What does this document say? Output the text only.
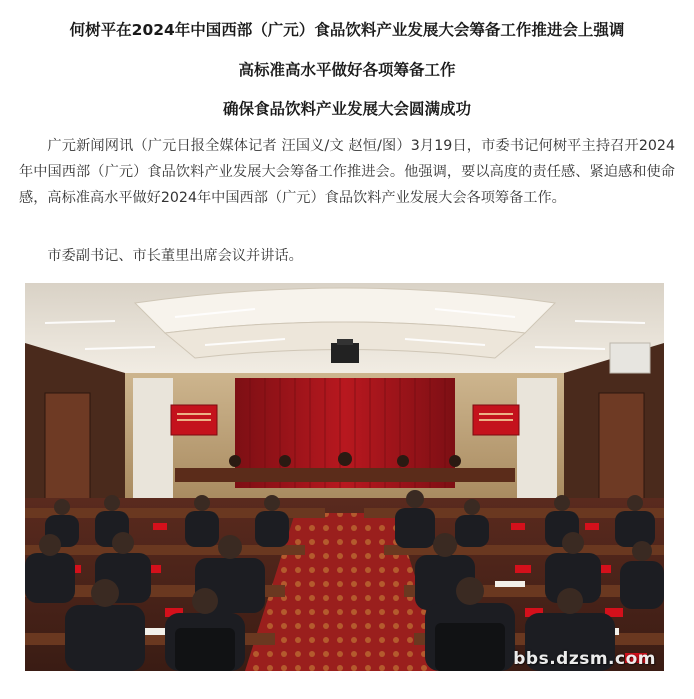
何树平在2024年中国西部（广元）食品饮料产业发展大会筹备工作推进会上强调
高标准高水平做好各项筹备工作
确保食品饮料产业发展大会圆满成功

广元新闻网讯（广元日报全媒体记者 汪国义/文 赵恒/图）3月19日，市委书记何树平主持召开2024年中国西部（广元）食品饮料产业发展大会筹备工作推进会。他强调，要以高度的责任感、紧迫感和使命感，高标准高水平做好2024年中国西部（广元）食品饮料产业发展大会各项筹备工作。

市委副书记、市长董里出席会议并讲话。

bbs.dzsm.com
